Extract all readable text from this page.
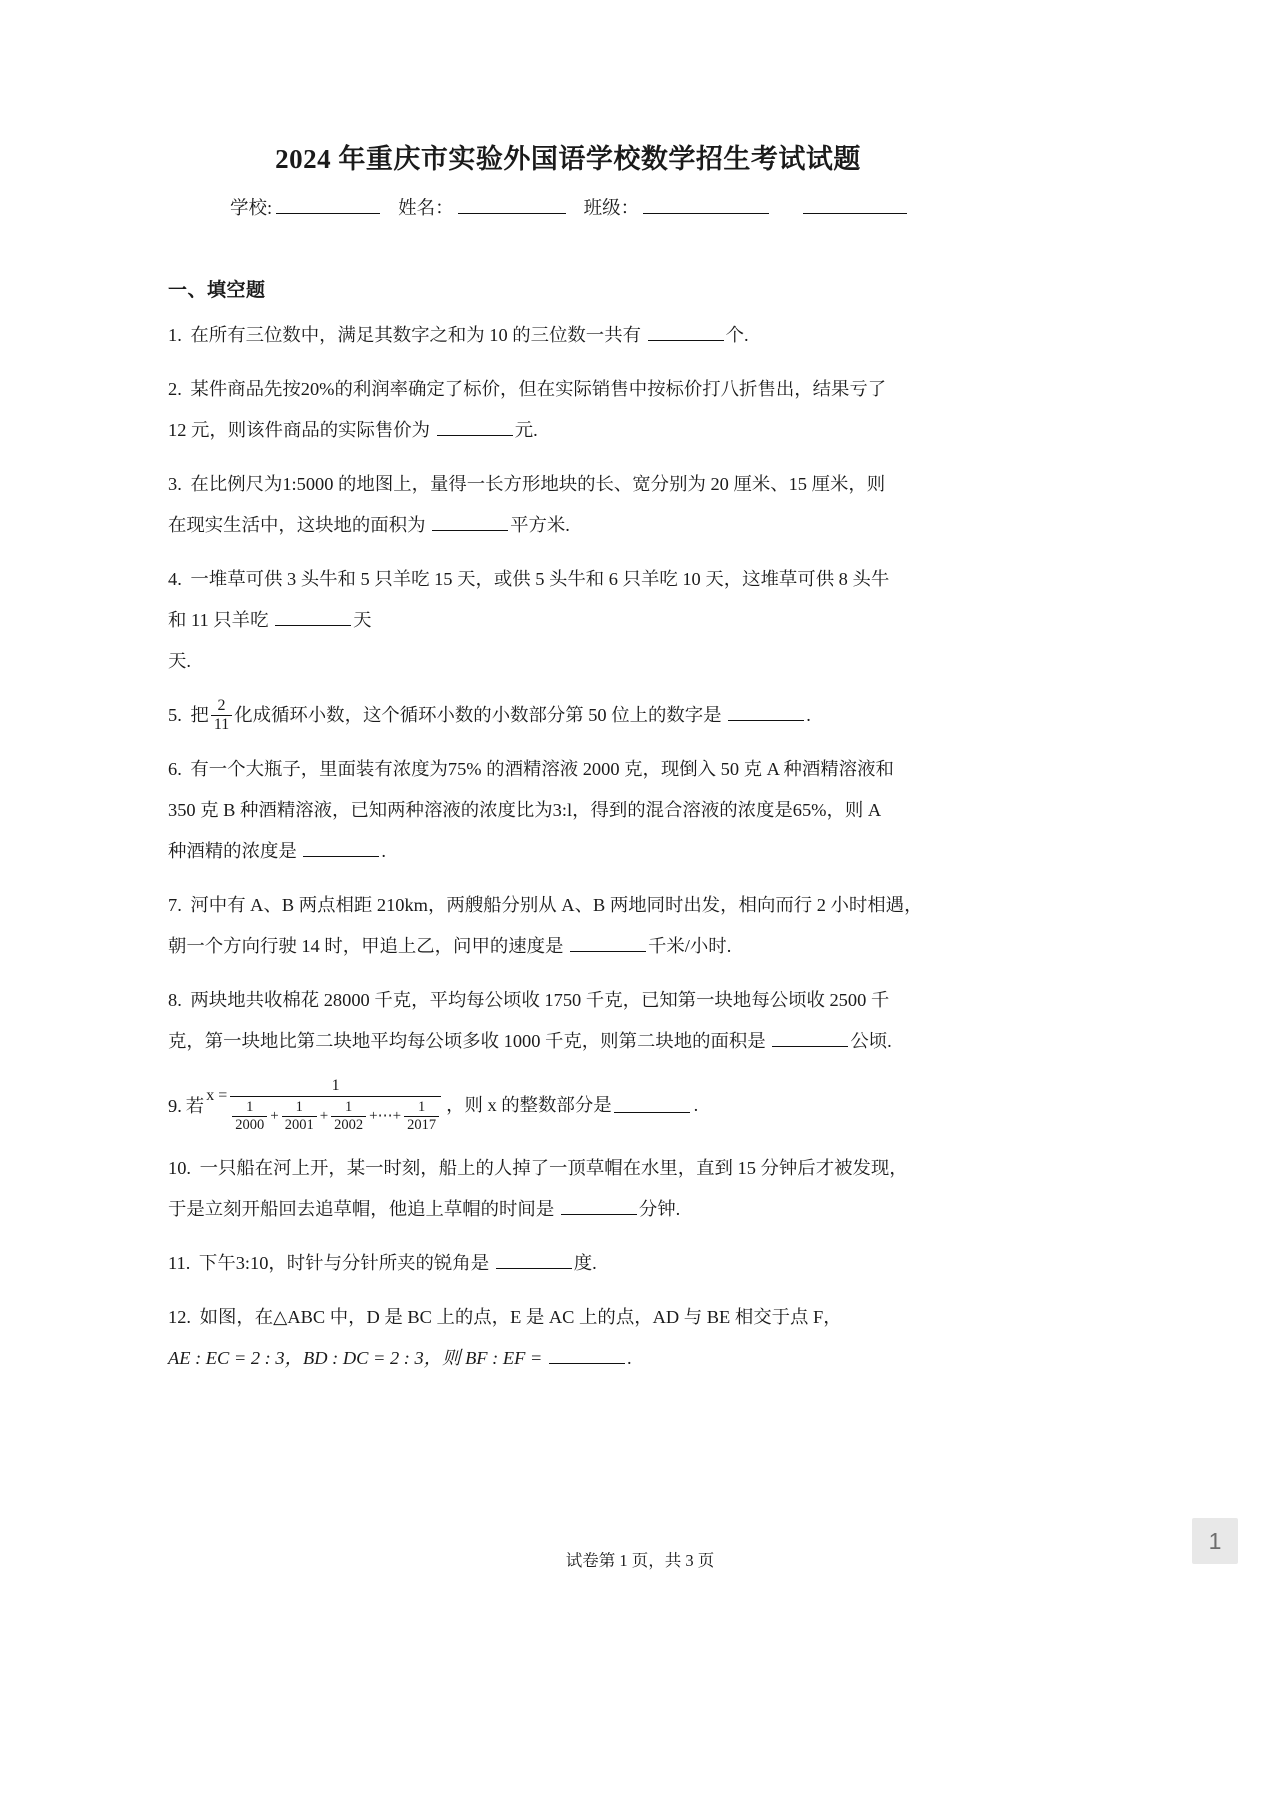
2024 年重庆市实验外国语学校数学招生考试试题
学校:	姓名：	班级：
一、填空题
1. 在所有三位数中，满足其数字之和为 10 的三位数一共有	个.
2. 某件商品先按20%的利润率确定了标价，但在实际销售中按标价打八折售出，结果亏了
12 元，则该件商品的实际售价为	元.
3. 在比例尺为1:5000 的地图上，量得一长方形地块的长、宽分别为 20 厘米、15 厘米，则
在现实生活中，这块地的面积为	平方米.
4. 一堆草可供 3 头牛和 5 只羊吃 15 天，或供 5 头牛和 6 只羊吃 10 天，这堆草可供 8 头牛
和 11 只羊吃	天
天.
5. 把 $\frac{2}{11}$ 化成循环小数，这个循环小数的小数部分第 50 位上的数字是	.
6. 有一个大瓶子，里面装有浓度为75% 的酒精溶液 2000 克，现倒入 50 克 A 种酒精溶液和
350 克 B 种酒精溶液，已知两种溶液的浓度比为3:l，得到的混合溶液的浓度是65%，则 A
种酒精的浓度是	.
7. 河中有 A、B 两点相距 210km，两艘船分别从 A、B 两地同时出发，相向而行 2 小时相遇，
朝一个方向行驶 14 时，甲追上乙，问甲的速度是	千米/小时.
8. 两块地共收棉花 28000 千克，平均每公顷收 1750 千克，已知第一块地每公顷收 2500 千
克，第一块地比第二块地平均每公顷多收 1000 千克，则第二块地的面积是	公顷.
9. 若
x =
1
$\frac{1}{2000} + \frac{1}{2001} + \frac{1}{2002}$ +⋯+ $\frac{1}{2017}$ ，则 x 的整数部分是	.
10. 一只船在河上开，某一时刻，船上的人掉了一顶草帽在水里，直到 15 分钟后才被发现，
于是立刻开船回去追草帽，他追上草帽的时间是	分钟.
11. 下午3:10，时针与分针所夹的锐角是	度.
12. 如图，在△ABC 中，D 是 BC 上的点，E 是 AC 上的点，AD 与 BE 相交于点 F，
AE : EC = 2 : 3，BD : DC = 2 : 3，则 BF : EF =	.
1
试卷第 1 页，共 3 页
